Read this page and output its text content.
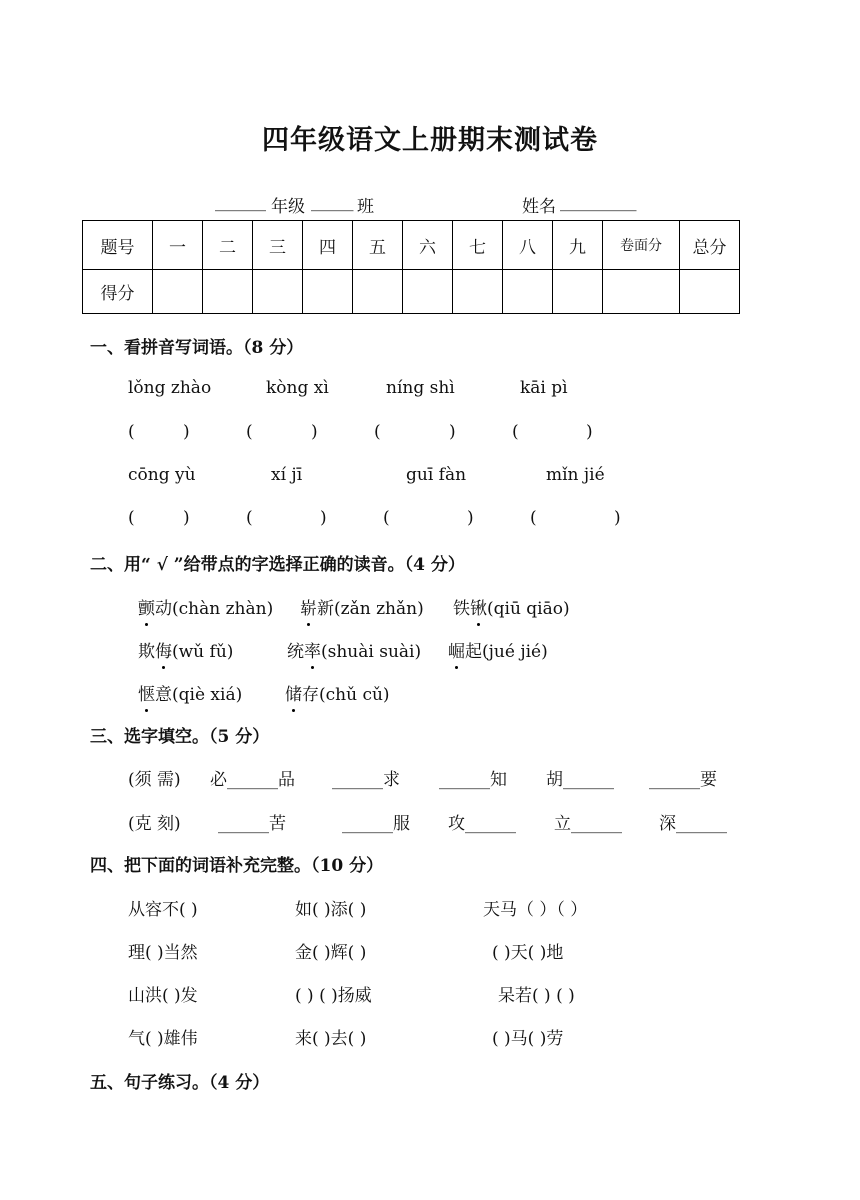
四年级语文上册期末测试卷
______ 年级 _____ 班	姓名 _________
题号	一	二	三	四	五	六	七	八	九	卷面分	总分
得分											
一、看拼音写词语。（8 分）
lǒng zhào	kòng xì	níng shì	kāi pì
(	)	(	)	(	)	(	)
cōng yù	xí jī	guī fàn	mǐn jié
(	)	(	)	(	)	(	)
二、用“ √ ”给带点的字选择正确的读音。（4 分）
颤动(chàn zhàn) 崭新(zǎn zhǎn) 铁锹(qiū qiāo)
欺侮(wǔ fǔ)	统率(shuài suài) 崛起(jué jié)
惬意(qiè xiá)	储存(chǔ cǔ)
三、选字填空。（5 分）
(须 需) 必______品 ______求 ______知 胡______ ______要
(克 刻) ______苦	______服 攻______ 立______ 深______
四、把下面的词语补充完整。（10 分）
从容不( )	如( )添( )	天马（ ）（ ）
理( )当然	金( )辉( )	( )天( )地
山洪( )发	( ) ( )扬威	呆若( ) ( )
气( )雄伟	来( )去( )	( )马( )劳
五、句子练习。（4 分）
